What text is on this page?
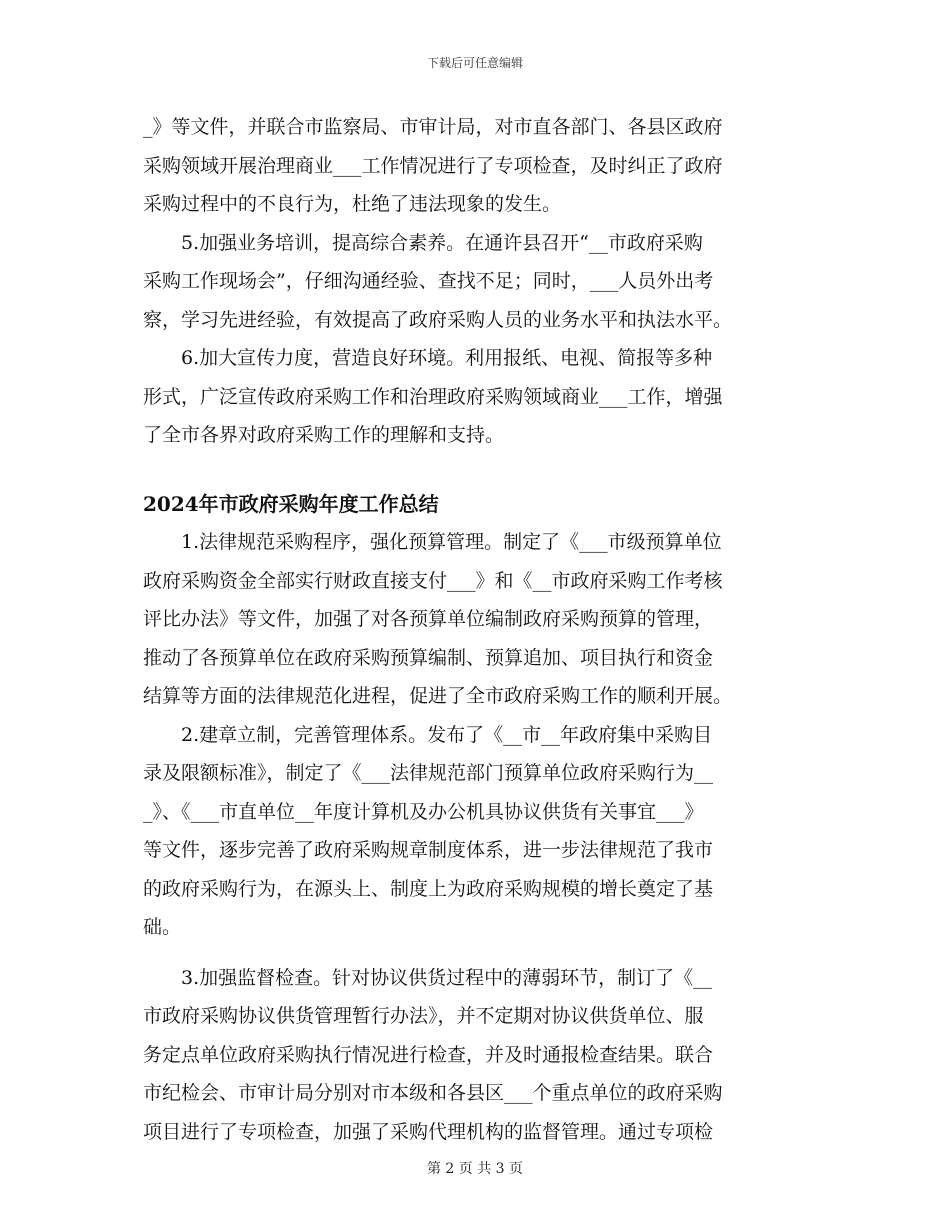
下载后可任意编辑

_》等文件，并联合市监察局、市审计局，对市直各部门、各县区政府
采购领域开展治理商业___工作情况进行了专项检查，及时纠正了政府
采购过程中的不良行为，杜绝了违法现象的发生。

5.加强业务培训，提高综合素养。在通许县召开“__市政府采购
采购工作现场会”，仔细沟通经验、查找不足；同时，___人员外出考
察，学习先进经验，有效提高了政府采购人员的业务水平和执法水平。

6.加大宣传力度，营造良好环境。利用报纸、电视、简报等多种
形式，广泛宣传政府采购工作和治理政府采购领域商业___工作，增强
了全市各界对政府采购工作的理解和支持。

2024年市政府采购年度工作总结

1.法律规范采购程序，强化预算管理。制定了《___市级预算单位
政府采购资金全部实行财政直接支付___》和《__市政府采购工作考核
评比办法》等文件，加强了对各预算单位编制政府采购预算的管理，
推动了各预算单位在政府采购预算编制、预算追加、项目执行和资金
结算等方面的法律规范化进程，促进了全市政府采购工作的顺利开展。

2.建章立制，完善管理体系。发布了《__市__年政府集中采购目
录及限额标准》，制定了《___法律规范部门预算单位政府采购行为__
_》、《___市直单位__年度计算机及办公机具协议供货有关事宜___》
等文件，逐步完善了政府采购规章制度体系，进一步法律规范了我市
的政府采购行为，在源头上、制度上为政府采购规模的增长奠定了基
础。

3.加强监督检查。针对协议供货过程中的薄弱环节，制订了《__
市政府采购协议供货管理暂行办法》，并不定期对协议供货单位、服
务定点单位政府采购执行情况进行检查，并及时通报检查结果。联合
市纪检会、市审计局分别对市本级和各县区___个重点单位的政府采购
项目进行了专项检查，加强了采购代理机构的监督管理。通过专项检

第 2 页 共 3 页
